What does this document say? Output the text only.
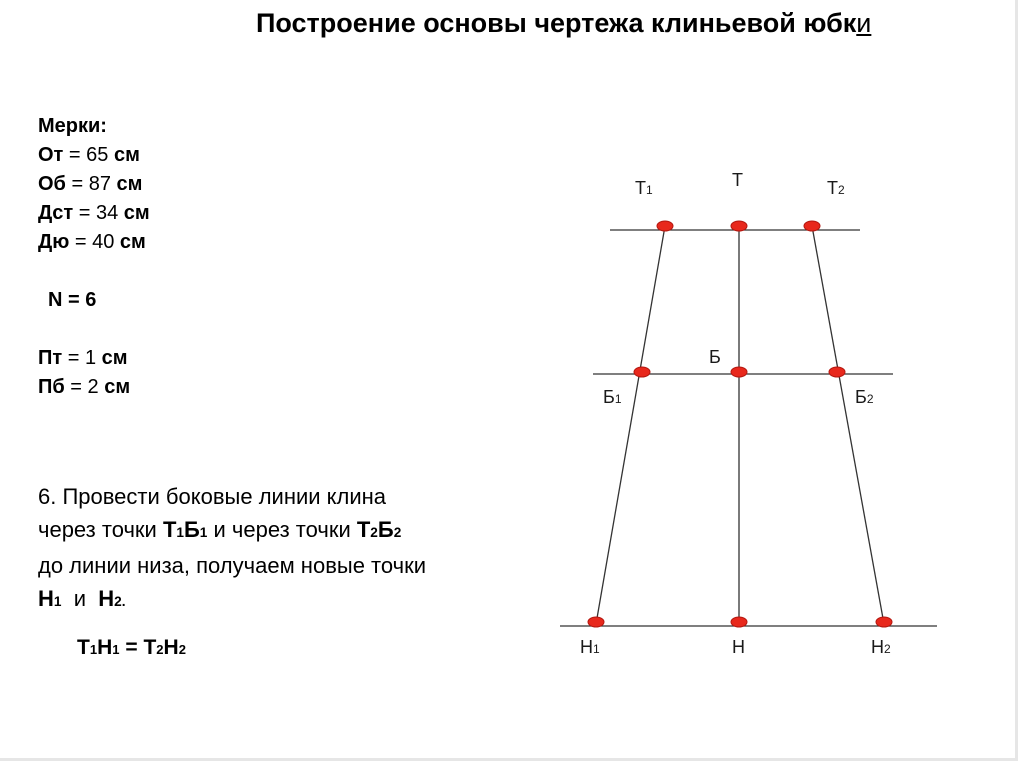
Построение основы чертежа клиньевой юбки
Мерки:
От = 65 см
Об = 87 см
Дст = 34 см
Дю = 40 см
N = 6
Пт = 1 см
Пб = 2 см
6. Провести боковые линии клина
через точки Т1Б1 и через точки Т2Б2
до линии низа, получаем новые точки
Н1  и  Н2.
Т1Н1 = Т2Н2
Т1	Т	Т2
Б1
Б
Б2
Н1	Н	Н2
